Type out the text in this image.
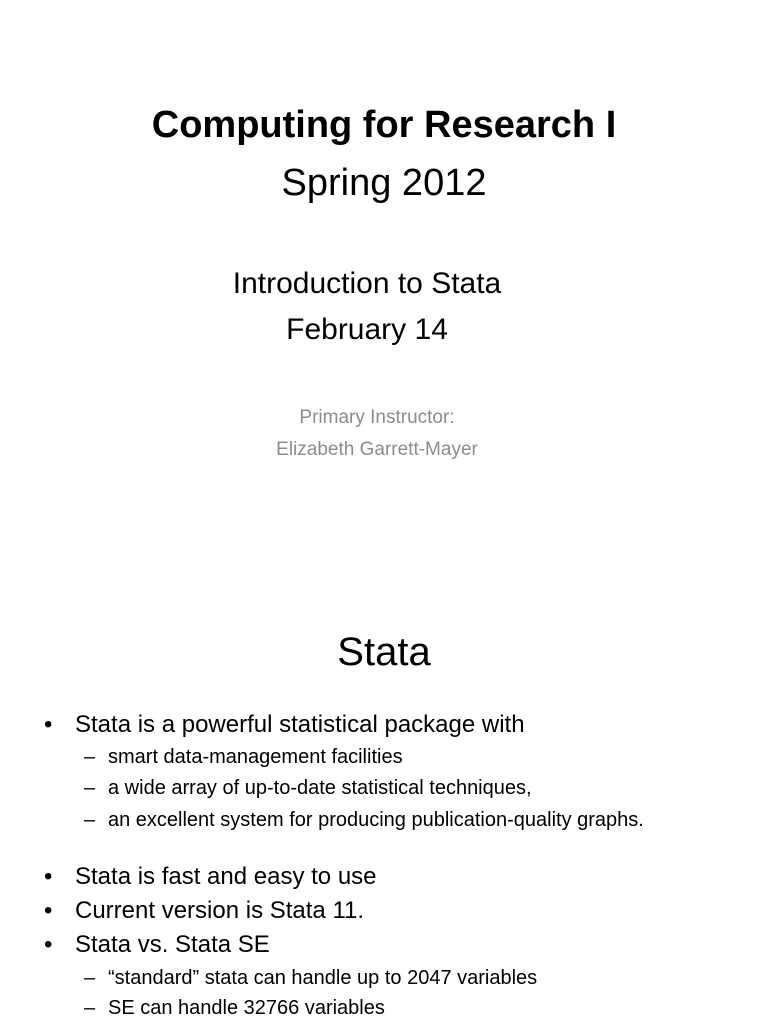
Computing for Research I
Spring 2012
Introduction to Stata
February 14
Primary Instructor:
Elizabeth Garrett-Mayer
Stata
• Stata is a powerful statistical package with
– smart data-management facilities
– a wide array of up-to-date statistical techniques,
– an excellent system for producing publication-quality graphs.
• Stata is fast and easy to use
• Current version is Stata 11.
• Stata vs. Stata SE
– “standard” stata can handle up to 2047 variables
– SE can handle 32766 variables
